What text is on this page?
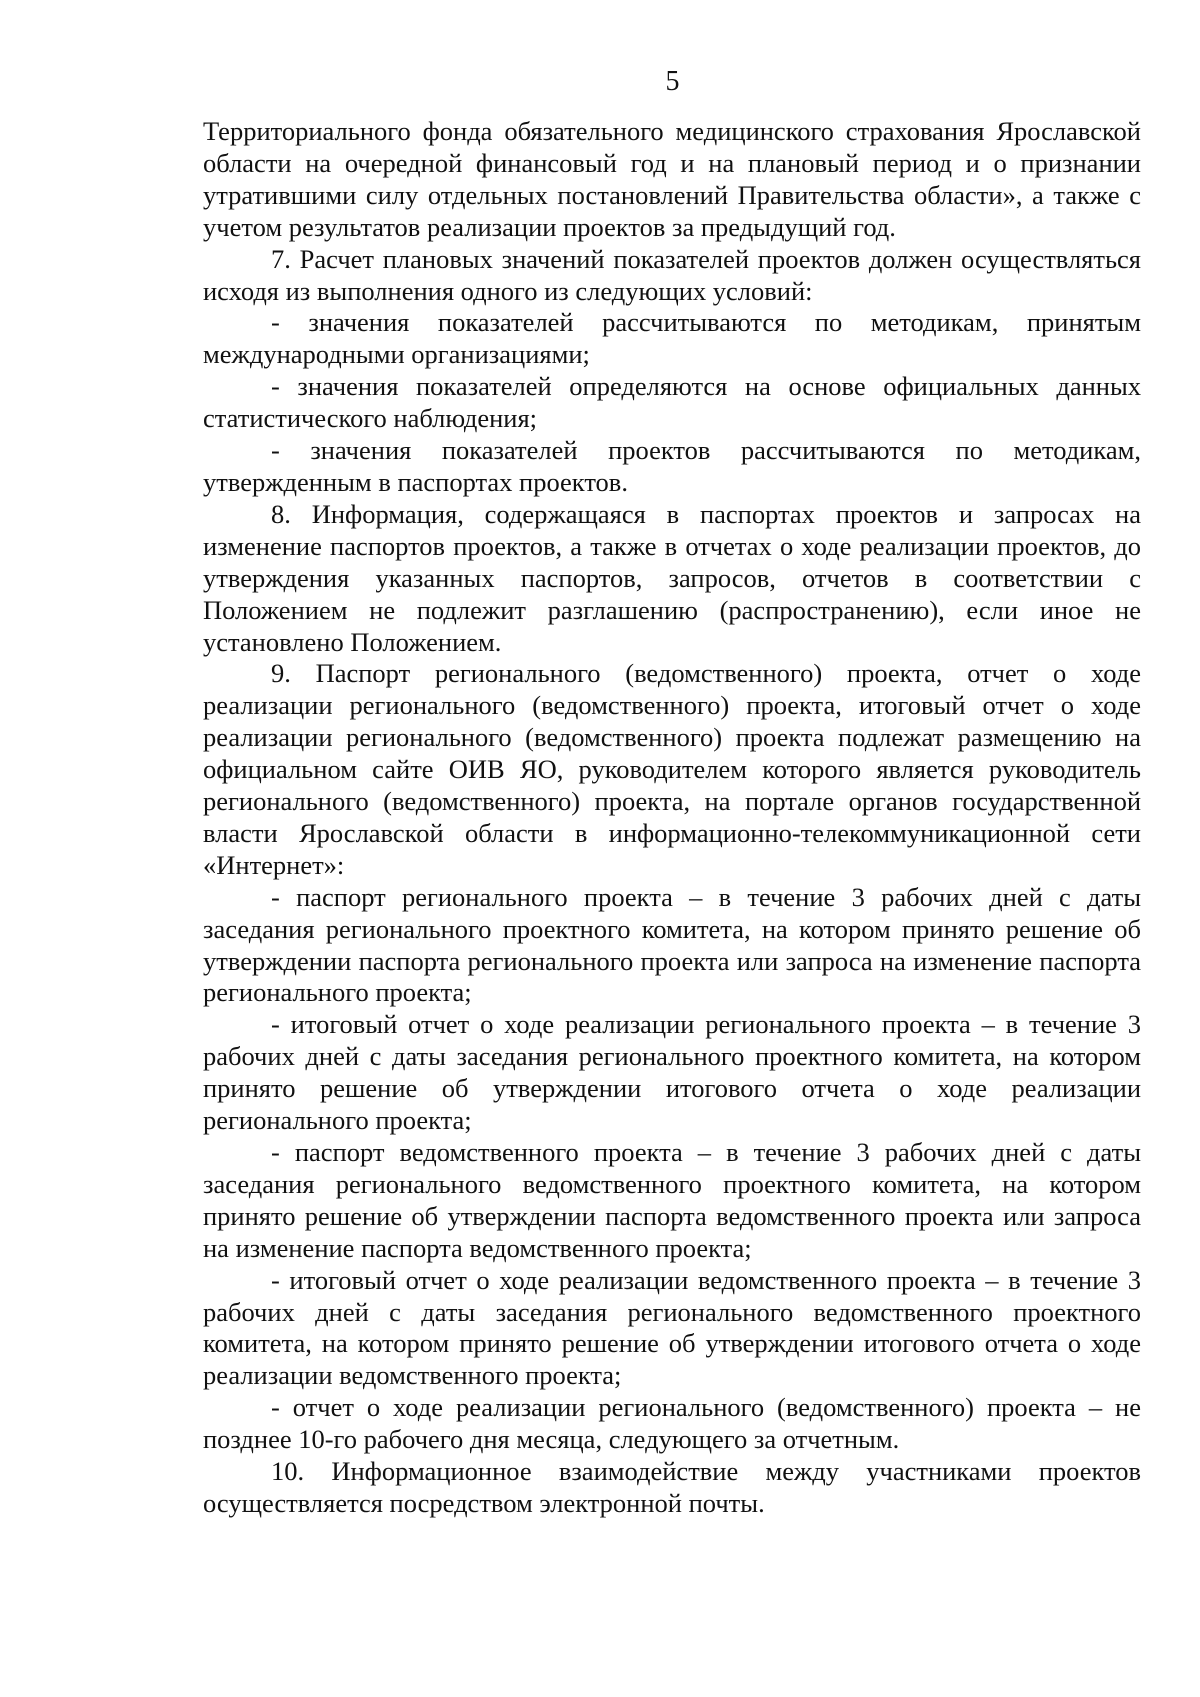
5

Территориального фонда обязательного медицинского страхования Ярославской области на очередной финансовый год и на плановый период и о признании утратившими силу отдельных постановлений Правительства области», а также с учетом результатов реализации проектов за предыдущий год.

7. Расчет плановых значений показателей проектов должен осуществляться исходя из выполнения одного из следующих условий:

- значения показателей рассчитываются по методикам, принятым международными организациями;

- значения показателей определяются на основе официальных данных статистического наблюдения;

- значения показателей проектов рассчитываются по методикам, утвержденным в паспортах проектов.

8. Информация, содержащаяся в паспортах проектов и запросах на изменение паспортов проектов, а также в отчетах о ходе реализации проектов, до утверждения указанных паспортов, запросов, отчетов в соответствии с Положением не подлежит разглашению (распространению), если иное не установлено Положением.

9. Паспорт регионального (ведомственного) проекта, отчет о ходе реализации регионального (ведомственного) проекта, итоговый отчет о ходе реализации регионального (ведомственного) проекта подлежат размещению на официальном сайте ОИВ ЯО, руководителем которого является руководитель регионального (ведомственного) проекта, на портале органов государственной власти Ярославской области в информационно-телекоммуникационной сети «Интернет»:

- паспорт регионального проекта – в течение 3 рабочих дней с даты заседания регионального проектного комитета, на котором принято решение об утверждении паспорта регионального проекта или запроса на изменение паспорта регионального проекта;

- итоговый отчет о ходе реализации регионального проекта – в течение 3 рабочих дней с даты заседания регионального проектного комитета, на котором принято решение об утверждении итогового отчета о ходе реализации регионального проекта;

- паспорт ведомственного проекта – в течение 3 рабочих дней с даты заседания регионального ведомственного проектного комитета, на котором принято решение об утверждении паспорта ведомственного проекта или запроса на изменение паспорта ведомственного проекта;

- итоговый отчет о ходе реализации ведомственного проекта – в течение 3 рабочих дней с даты заседания регионального ведомственного проектного комитета, на котором принято решение об утверждении итогового отчета о ходе реализации ведомственного проекта;

- отчет о ходе реализации регионального (ведомственного) проекта – не позднее 10-го рабочего дня месяца, следующего за отчетным.

10. Информационное взаимодействие между участниками проектов осуществляется посредством электронной почты.
